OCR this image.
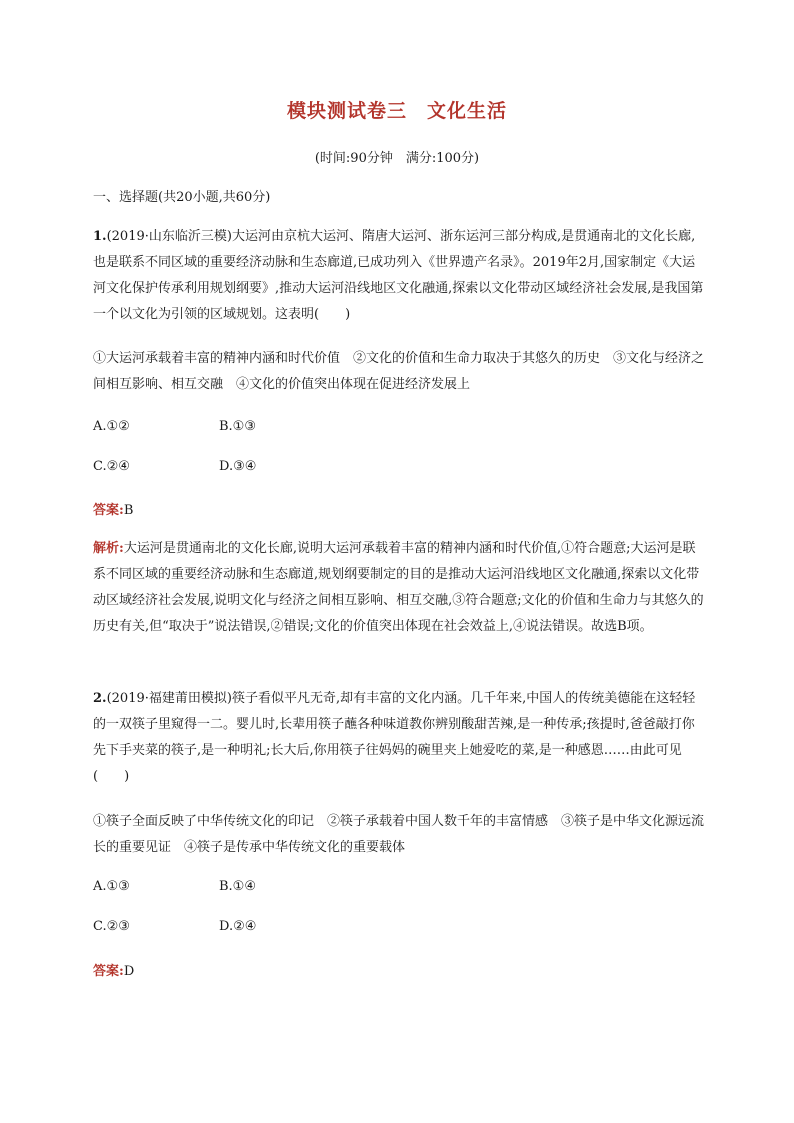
模块测试卷三　文化生活
(时间:90分钟　满分:100分)
一、选择题(共20小题,共60分)
1.(2019·山东临沂三模)大运河由京杭大运河、隋唐大运河、浙东运河三部分构成,是贯通南北的文化长廊,也是联系不同区域的重要经济动脉和生态廊道,已成功列入《世界遗产名录》。2019年2月,国家制定《大运河文化保护传承利用规划纲要》,推动大运河沿线地区文化融通,探索以文化带动区域经济社会发展,是我国第一个以文化为引领的区域规划。这表明(　　)
①大运河承载着丰富的精神内涵和时代价值　②文化的价值和生命力取决于其悠久的历史　③文化与经济之间相互影响、相互交融　④文化的价值突出体现在促进经济发展上
A.①②	B.①③
C.②④	D.③④
答案:B
解析:大运河是贯通南北的文化长廊,说明大运河承载着丰富的精神内涵和时代价值,①符合题意;大运河是联系不同区域的重要经济动脉和生态廊道,规划纲要制定的目的是推动大运河沿线地区文化融通,探索以文化带动区域经济社会发展,说明文化与经济之间相互影响、相互交融,③符合题意;文化的价值和生命力与其悠久的历史有关,但“取决于”说法错误,②错误;文化的价值突出体现在社会效益上,④说法错误。故选B项。
2.(2019·福建莆田模拟)筷子看似平凡无奇,却有丰富的文化内涵。几千年来,中国人的传统美德能在这轻轻的一双筷子里窥得一二。婴儿时,长辈用筷子蘸各种味道教你辨别酸甜苦辣,是一种传承;孩提时,爸爸敲打你先下手夹菜的筷子,是一种明礼;长大后,你用筷子往妈妈的碗里夹上她爱吃的菜,是一种感恩……由此可见(　　)
①筷子全面反映了中华传统文化的印记　②筷子承载着中国人数千年的丰富情感　③筷子是中华文化源远流长的重要见证　④筷子是传承中华传统文化的重要载体
A.①③	B.①④
C.②③	D.②④
答案:D
